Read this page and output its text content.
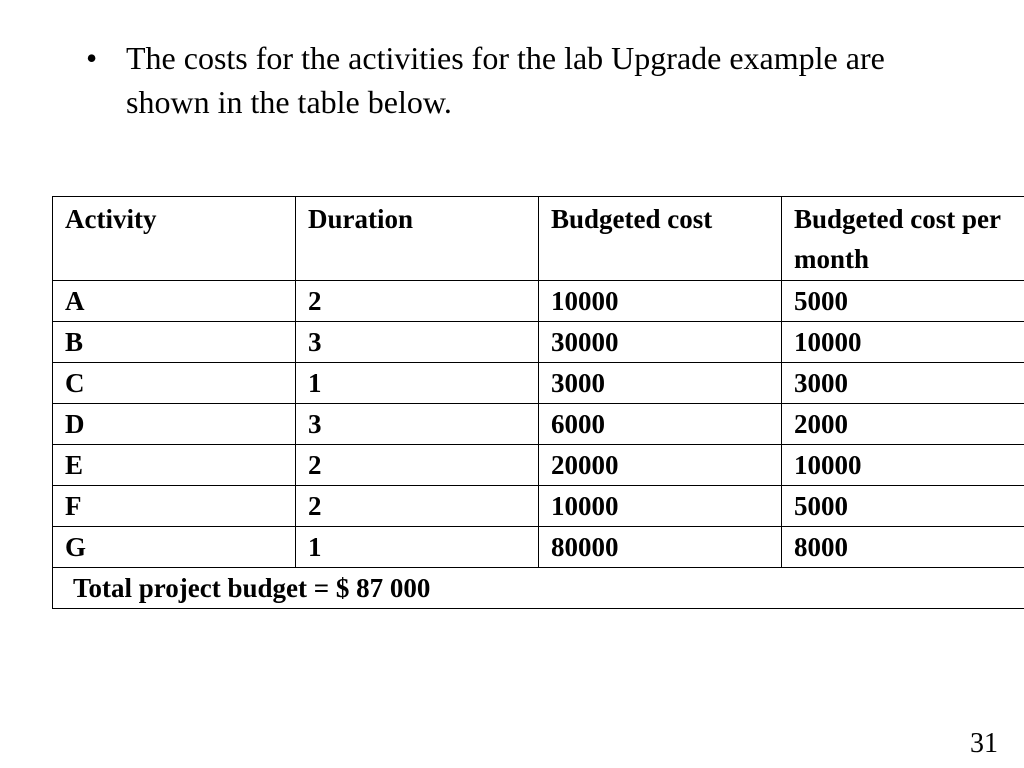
• The costs for the activities for the lab Upgrade example are shown in the table below.
Activity	Duration	Budgeted cost	Budgeted cost per month
A	2	10000	5000
B	3	30000	10000
C	1	3000	3000
D	3	6000	2000
E	2	20000	10000
F	2	10000	5000
G	1	80000	8000
Total project budget = $ 87 000			
31
